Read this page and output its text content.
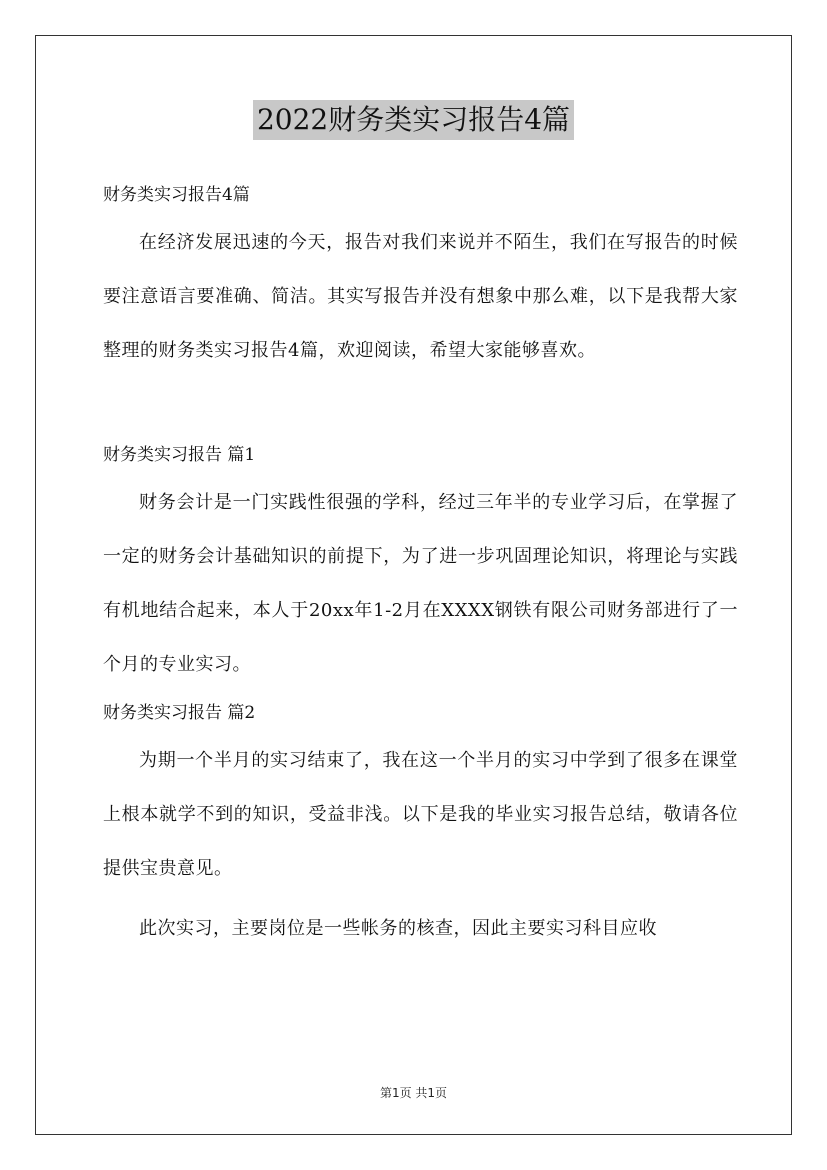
2022财务类实习报告4篇
财务类实习报告4篇

在经济发展迅速的今天，报告对我们来说并不陌生，我们在写报告的时候要注意语言要准确、简洁。其实写报告并没有想象中那么难，以下是我帮大家整理的财务类实习报告4篇，欢迎阅读，希望大家能够喜欢。

财务类实习报告 篇1

财务会计是一门实践性很强的学科，经过三年半的专业学习后，在掌握了一定的财务会计基础知识的前提下，为了进一步巩固理论知识，将理论与实践有机地结合起来，本人于20xx年1-2月在XXXX钢铁有限公司财务部进行了一个月的专业实习。

财务类实习报告 篇2

为期一个半月的实习结束了，我在这一个半月的实习中学到了很多在课堂上根本就学不到的知识，受益非浅。以下是我的毕业实习报告总结，敬请各位提供宝贵意见。

此次实习，主要岗位是一些帐务的核查，因此主要实习科目应收

第1页 共1页
